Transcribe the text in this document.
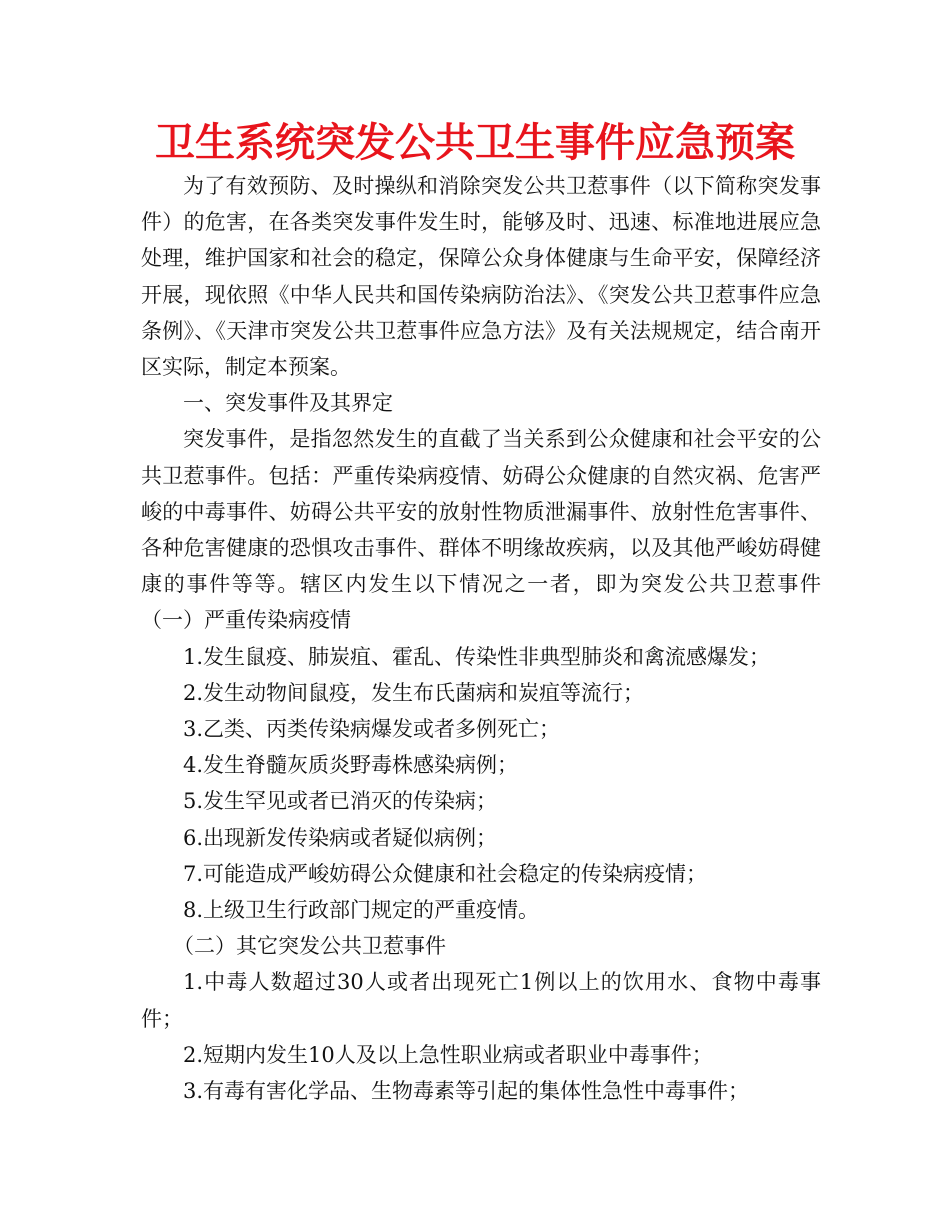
卫生系统突发公共卫生事件应急预案

为了有效预防、及时操纵和消除突发公共卫惹事件（以下简称突发事件）的危害，在各类突发事件发生时，能够及时、迅速、标准地进展应急处理，维护国家和社会的稳定，保障公众身体健康与生命平安，保障经济开展，现依照《中华人民共和国传染病防治法》、《突发公共卫惹事件应急条例》、《天津市突发公共卫惹事件应急方法》及有关法规规定，结合南开区实际，制定本预案。

一、突发事件及其界定

突发事件，是指忽然发生的直截了当关系到公众健康和社会平安的公共卫惹事件。包括：严重传染病疫情、妨碍公众健康的自然灾祸、危害严峻的中毒事件、妨碍公共平安的放射性物质泄漏事件、放射性危害事件、各种危害健康的恐惧攻击事件、群体不明缘故疾病，以及其他严峻妨碍健康的事件等等。辖区内发生以下情况之一者，即为突发公共卫惹事件　　（一）严重传染病疫情

1.发生鼠疫、肺炭疽、霍乱、传染性非典型肺炎和禽流感爆发；

2.发生动物间鼠疫，发生布氏菌病和炭疽等流行；

3.乙类、丙类传染病爆发或者多例死亡；

4.发生脊髓灰质炎野毒株感染病例；

5.发生罕见或者已消灭的传染病；

6.出现新发传染病或者疑似病例；

7.可能造成严峻妨碍公众健康和社会稳定的传染病疫情；

8.上级卫生行政部门规定的严重疫情。

（二）其它突发公共卫惹事件

1.中毒人数超过30人或者出现死亡1例以上的饮用水、食物中毒事件；

2.短期内发生10人及以上急性职业病或者职业中毒事件；

3.有毒有害化学品、生物毒素等引起的集体性急性中毒事件；
